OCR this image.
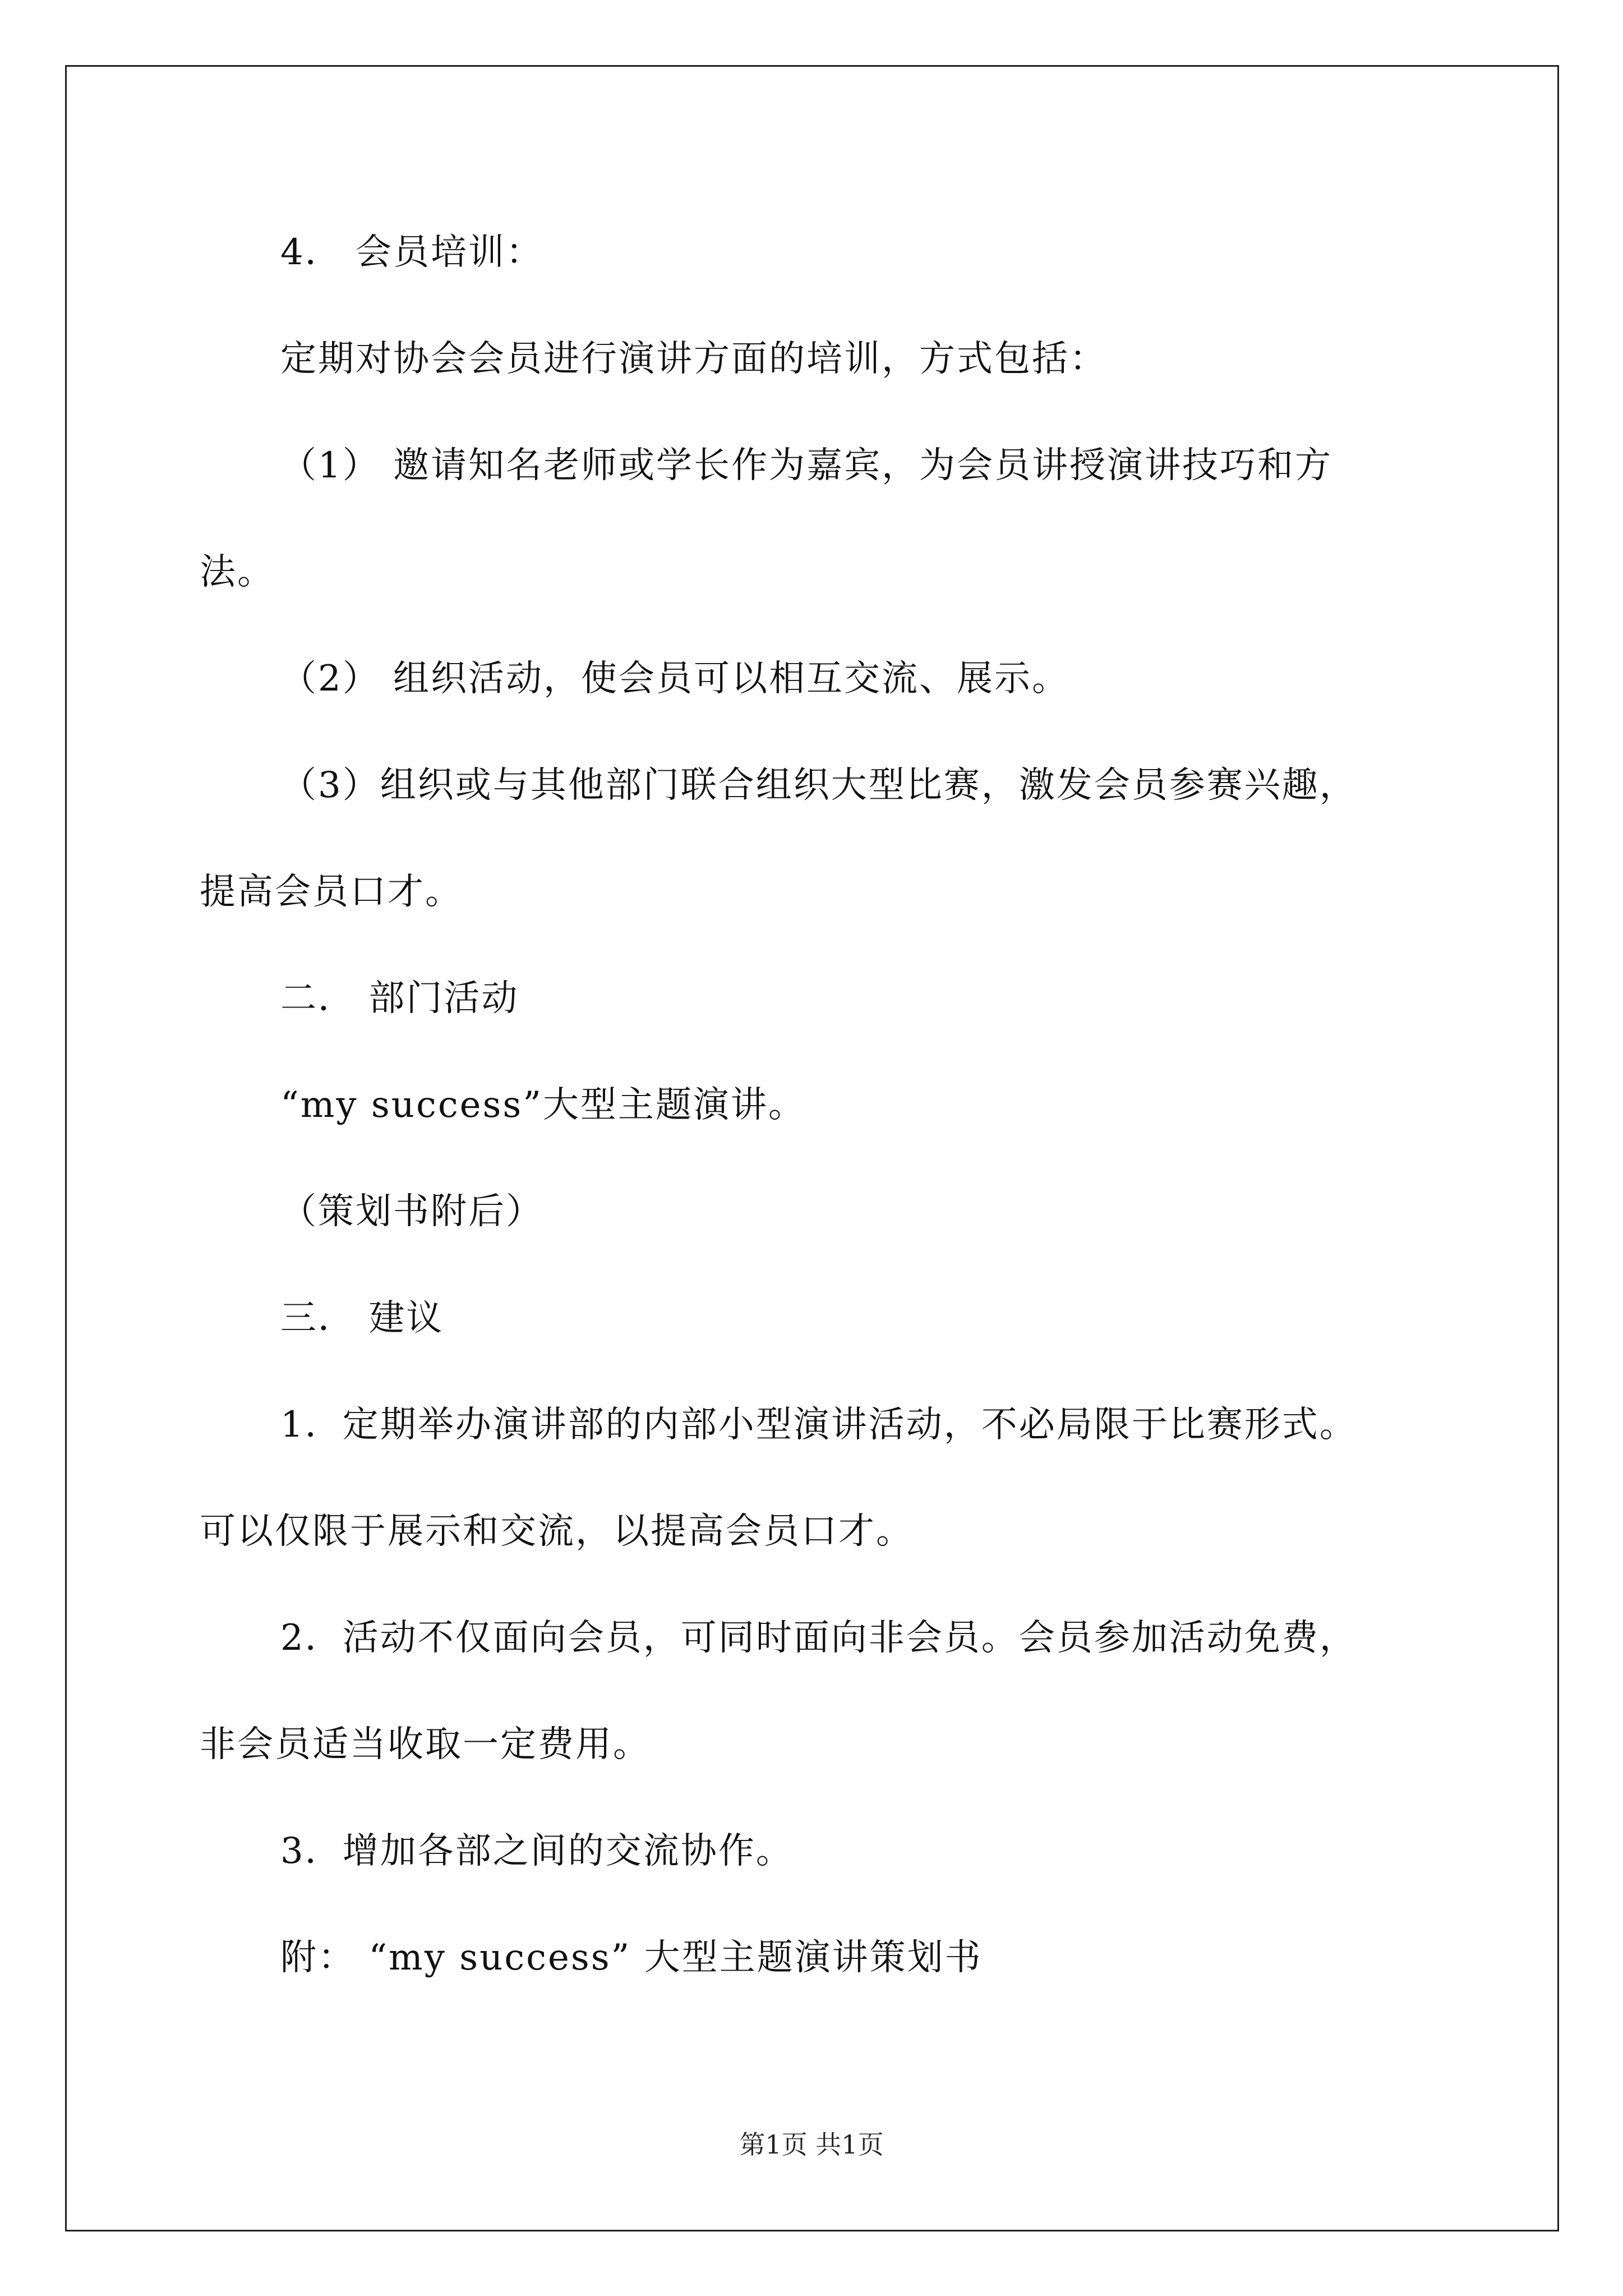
4． 会员培训：
定期对协会会员进行演讲方面的培训，方式包括：
（1） 邀请知名老师或学长作为嘉宾，为会员讲授演讲技巧和方
法。
（2） 组织活动，使会员可以相互交流、展示。
（3）组织或与其他部门联合组织大型比赛，激发会员参赛兴趣，
提高会员口才。
二． 部门活动
“my success”大型主题演讲。
（策划书附后）
三． 建议
1．定期举办演讲部的内部小型演讲活动，不必局限于比赛形式。
可以仅限于展示和交流，以提高会员口才。
2．活动不仅面向会员，可同时面向非会员。会员参加活动免费，
非会员适当收取一定费用。
3．增加各部之间的交流协作。
附： “my success” 大型主题演讲策划书
第1页 共1页
